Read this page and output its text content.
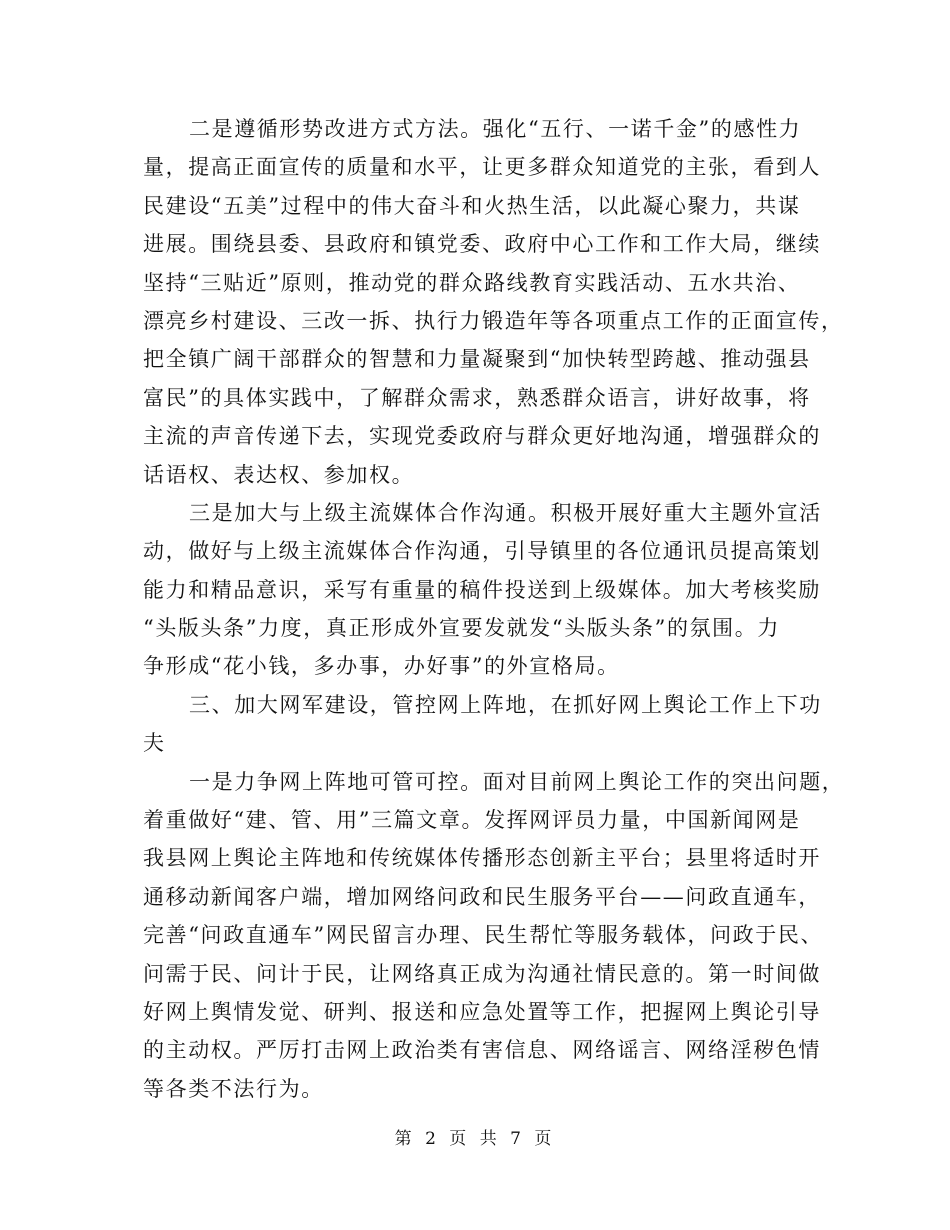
二是遵循形势改进方式方法。强化“五行、一诺千金”的感性力
量，提高正面宣传的质量和水平，让更多群众知道党的主张，看到人
民建设“五美”过程中的伟大奋斗和火热生活，以此凝心聚力，共谋
进展。围绕县委、县政府和镇党委、政府中心工作和工作大局，继续
坚持“三贴近”原则，推动党的群众路线教育实践活动、五水共治、
漂亮乡村建设、三改一拆、执行力锻造年等各项重点工作的正面宣传，
把全镇广阔干部群众的智慧和力量凝聚到“加快转型跨越、推动强县
富民”的具体实践中，了解群众需求，熟悉群众语言，讲好故事，将
主流的声音传递下去，实现党委政府与群众更好地沟通，增强群众的
话语权、表达权、参加权。
三是加大与上级主流媒体合作沟通。积极开展好重大主题外宣活
动，做好与上级主流媒体合作沟通，引导镇里的各位通讯员提高策划
能力和精品意识，采写有重量的稿件投送到上级媒体。加大考核奖励
“头版头条”力度，真正形成外宣要发就发“头版头条”的氛围。力
争形成“花小钱，多办事，办好事”的外宣格局。
三、加大网军建设，管控网上阵地，在抓好网上舆论工作上下功
夫
一是力争网上阵地可管可控。面对目前网上舆论工作的突出问题，
着重做好“建、管、用”三篇文章。发挥网评员力量，中国新闻网是
我县网上舆论主阵地和传统媒体传播形态创新主平台；县里将适时开
通移动新闻客户端，增加网络问政和民生服务平台——问政直通车，
完善“问政直通车”网民留言办理、民生帮忙等服务载体，问政于民、
问需于民、问计于民，让网络真正成为沟通社情民意的。第一时间做
好网上舆情发觉、研判、报送和应急处置等工作，把握网上舆论引导
的主动权。严厉打击网上政治类有害信息、网络谣言、网络淫秽色情
等各类不法行为。
第 2 页 共 7 页
